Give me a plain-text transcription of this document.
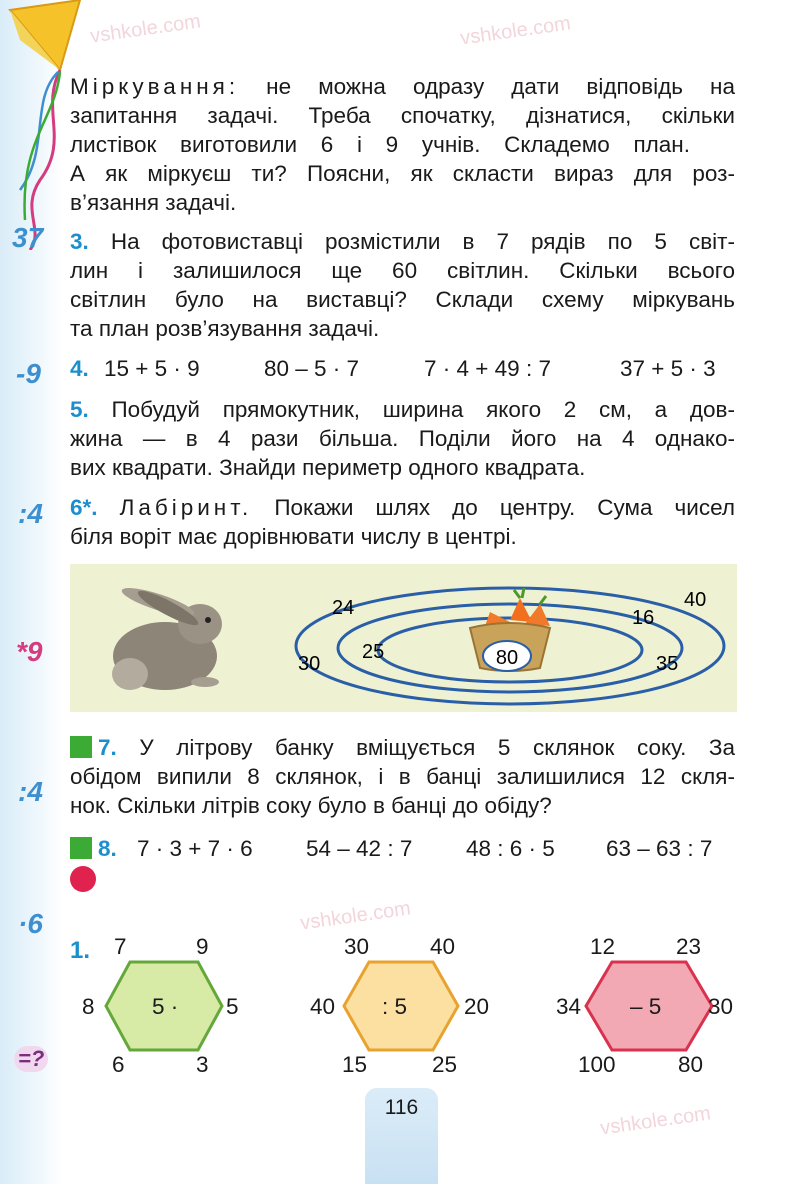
vshkole.com	vshkole.com
vshkole.com
vshkole.com
37
-9
:4
*9
:4
·6
=?
Міркування: не можна одразу дати відповідь на
запитання задачі. Треба спочатку, дізнатися, скільки
листівок виготовили 6 і 9 учнів. Складемо план.
А як міркуєш ти? Поясни, як скласти вираз для роз-
в’язання задачі.
3. На фотовиставці розмістили в 7 рядів по 5 світ-
лин і залишилося ще 60 світлин. Скільки всього
світлин було на виставці? Склади схему міркувань
та план розв’язування задачі.
4. 15 + 5 · 9	80 – 5 · 7	7 · 4 + 49 : 7	37 + 5 · 3
5. Побудуй прямокутник, ширина якого 2 см, а дов-
жина — в 4 рази більша. Поділи його на 4 однако-
вих квадрати. Знайди периметр одного квадрата.
6*. Лабіринт. Покажи шлях до центру. Сума чисел
біля воріт має дорівнювати числу в центрі.
80
24	40
16
25
30	35
7. У літрову банку вміщується 5 склянок соку. За
обідом випили 8 склянок, і в банці залишилися 12 скля-
нок. Скільки літрів соку було в банці до обіду?
8. 7 · 3 + 7 · 6 54 – 42 : 7 48 : 6 · 5 63 – 63 : 7
1.
5 ·
7	9
8	5
6	3
: 5
30	40
40	20
15	25
– 5
12	23
34	30
100	80
116
